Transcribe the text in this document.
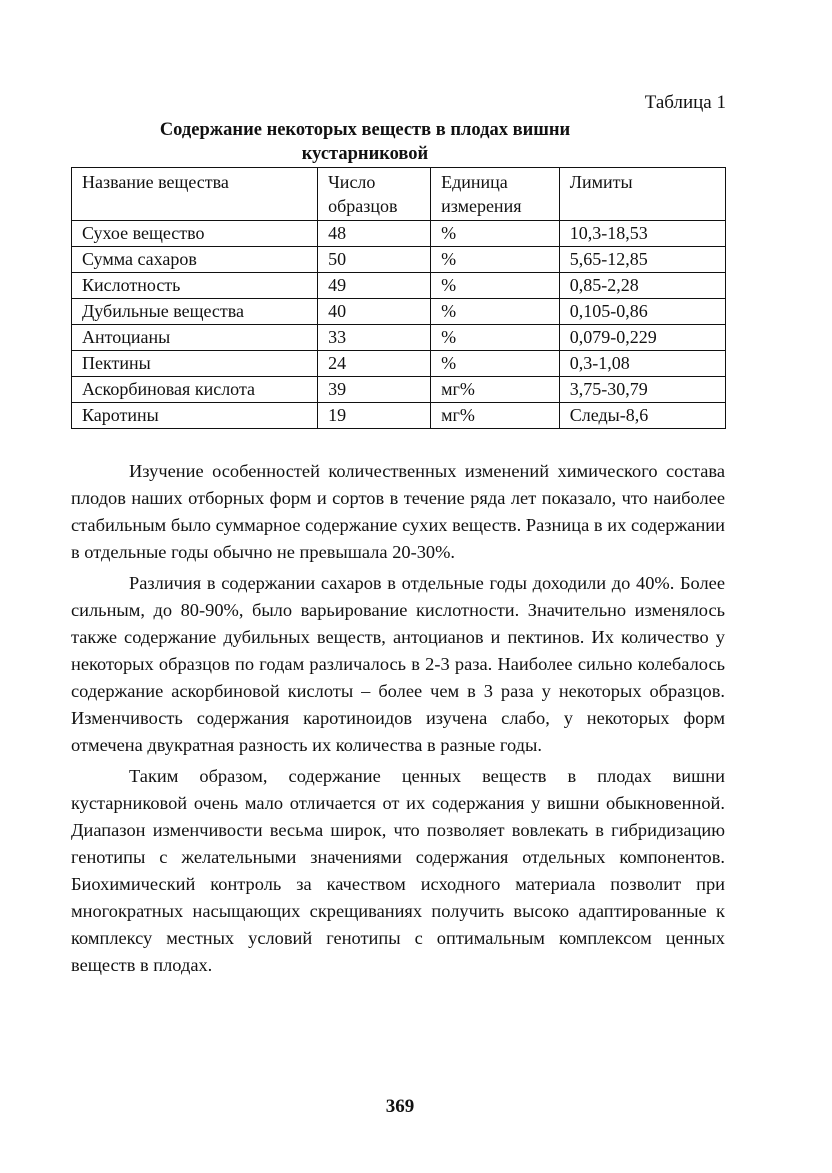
Таблица 1
Содержание некоторых веществ в плодах вишни кустарниковой
Название вещества	Число образцов	Единица измерения	Лимиты
Сухое вещество	48	%	10,3-18,53
Сумма сахаров	50	%	5,65-12,85
Кислотность	49	%	0,85-2,28
Дубильные вещества	40	%	0,105-0,86
Антоцианы	33	%	0,079-0,229
Пектины	24	%	0,3-1,08
Аскорбиновая кислота	39	мг%	3,75-30,79
Каротины	19	мг%	Следы-8,6

Изучение особенностей количественных изменений химического состава плодов наших отборных форм и сортов в течение ряда лет показало, что наиболее стабильным было суммарное содержание сухих веществ. Разница в их содержании в отдельные годы обычно не превышала 20-30%.

Различия в содержании сахаров в отдельные годы доходили до 40%. Более сильным, до 80-90%, было варьирование кислотности. Значительно изменялось также содержание дубильных веществ, антоцианов и пектинов. Их количество у некоторых образцов по годам различалось в 2-3 раза. Наиболее сильно колебалось содержание аскорбиновой кислоты – более чем в 3 раза у некоторых образцов. Изменчивость содержания каротиноидов изучена слабо, у некоторых форм отмечена двукратная разность их количества в разные годы.

Таким образом, содержание ценных веществ в плодах вишни кустарниковой очень мало отличается от их содержания у вишни обыкновенной. Диапазон изменчивости весьма широк, что позволяет вовлекать в гибридизацию генотипы с желательными значениями содержания отдельных компонентов. Биохимический контроль за качеством исходного материала позволит при многократных насыщающих скрещиваниях получить высоко адаптированные к комплексу местных условий генотипы с оптимальным комплексом ценных веществ в плодах.

369
